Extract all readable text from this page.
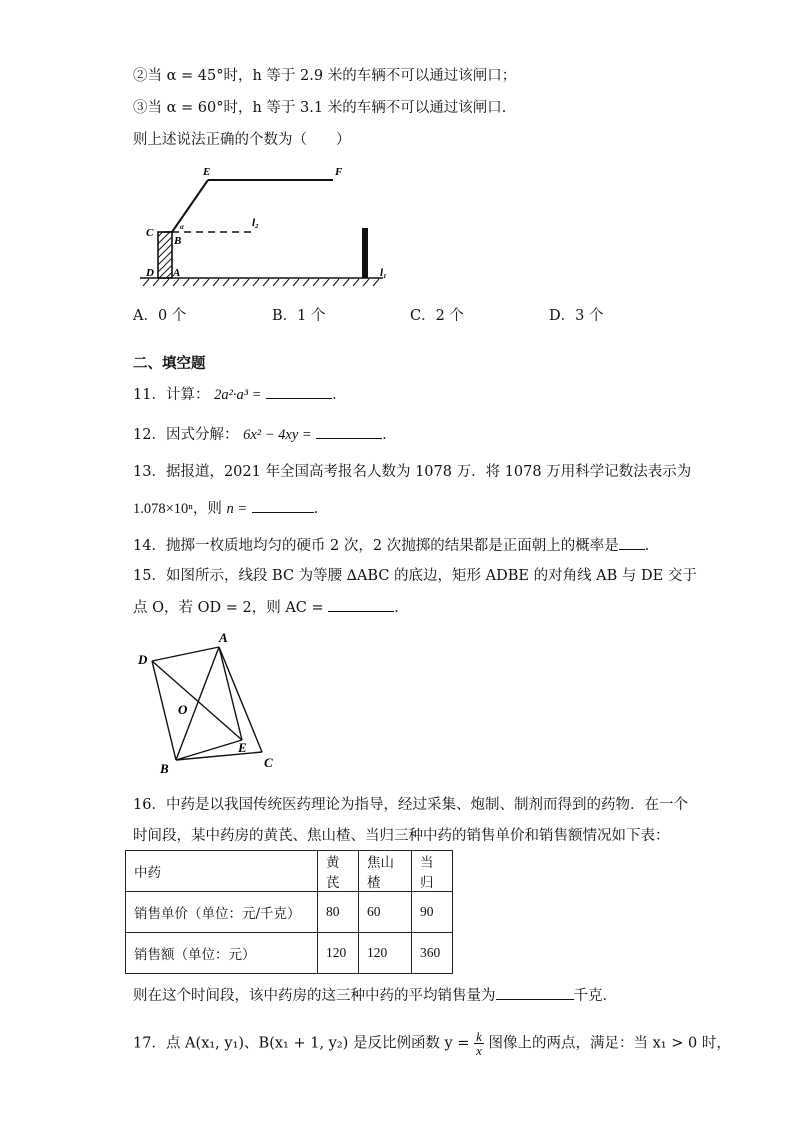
②当 α = 45°时，h 等于 2.9 米的车辆不可以通过该闸口；
③当 α = 60°时，h 等于 3.1 米的车辆不可以通过该闸口．
则上述说法正确的个数为（　　）
E	F
C
B
α	l₂
D A	l₁
A．0 个	B．1 个	C．2 个	D．3 个
二、填空题
11．计算： 2a²·a³ =	．
12．因式分解： 6x² − 4xy =	．
13．据报道，2021 年全国高考报名人数为 1078 万．将 1078 万用科学记数法表示为
1.078×10ⁿ，则 n =	．
14．抛掷一枚质地均匀的硬币 2 次，2 次抛掷的结果都是正面朝上的概率是 ．
15．如图所示，线段 BC 为等腰 ∆ABC 的底边，矩形 ADBE 的对角线 AB 与 DE 交于
点 O，若 OD = 2，则 AC =	．
A
D
O
E
B	C
16．中药是以我国传统医药理论为指导，经过采集、炮制、制剂而得到的药物．在一个
时间段，某中药房的黄芪、焦山楂、当归三种中药的销售单价和销售额情况如下表：
中药	黄芪	焦山楂	当归
销售单价（单位：元/千克）	80	60	90
销售额（单位：元）	120	120	360
则在这个时间段，该中药房的这三种中药的平均销售量为	千克．
17．点 A(x₁, y₁)、B(x₁ + 1, y₂) 是反比例函数 $y = \frac{k}{x}$ 图像上的两点，满足：当 x₁ > 0 时，
